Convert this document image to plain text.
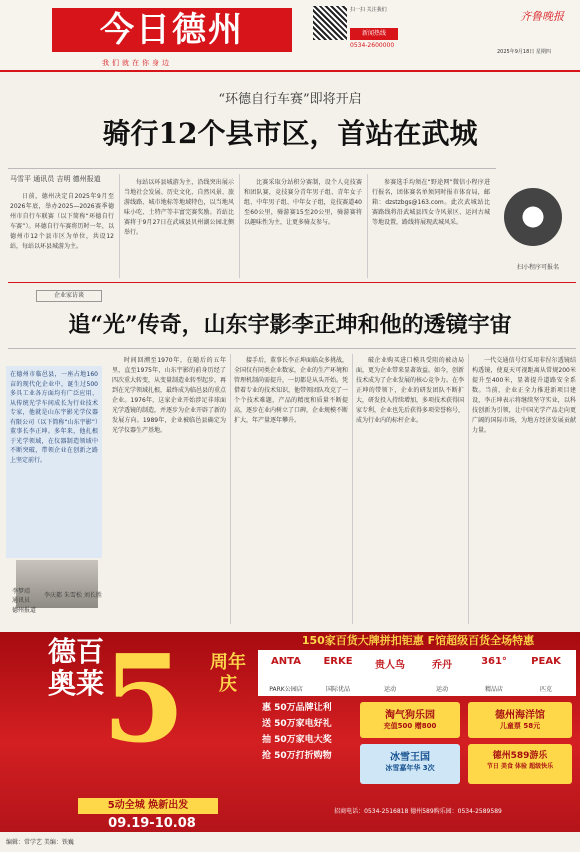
今日德州
我们就在你身边
扫一扫 关注我们
新闻热线
0534-2600000
齐鲁晚报
2025年9月18日 星期四
“环德自行车赛”即将开启
骑行12个县市区，首站在武城
马雪平 通讯员 吉明 德州报道
日前，德州决定自2025年9月至2026年底，举办2025—2026赛季德州市自行车联赛（以下简称“环德自行车赛”）。环德自行车赛将历时一年，以德州市12个县市区为单位，共设12站，每站以环县城游为主。
每站以环县城游为主，沿线突出展示当地社会发展、历史文化、自然风景、旅游线路、城市地标等地域特色，以当地风味小吃、土特产等丰富完赛奖励。首站比赛将于9月27日在武城县贝州湖公园北侧举行。
比赛采取分站积分赛制，设个人竞技赛和团队赛，竞技赛分青年男子组、青年女子组、中年男子组、中年女子组，竞技赛道40至60公里，骑游赛15至20公里，骑游赛将以趣味性为主，让更多骑友参与。
参赛选手均须在“野途网”微信小程序进行报名，团体赛名单须同时报市体育局，邮箱：dzstzbgs@163.com。此次武城站比赛路线将沿武城县四女寺风景区、运河古城等地设置，路线将展现武城风采。
扫小程序可报名
企业家访谈
追“光”传奇，山东宇影李正坤和他的透镜宇宙
在德州市临邑县，一座占地160亩的现代化企业中，诞生过500多具工业各方面均有广泛应用、从传统光学车间成长为行业技术专家，他就是山东宇影光学仪器有限公司（以下简称“山东宇影”）董事长李正坤。多年来，他扎根于光学领域，在仪器制造领域中不断突破，带领企业在创新之路上坚定前行。
李梦靖
通讯员
李庆都 朱雪松 刘长胜
德州报道
时间回溯至1970年，在随后的五年里，直至1975年，山东宇影的前身历经了四次重大转变，从变量制造业转型起步，再到在光学领域扎根，最终成为临邑县的重点企业。1976年，这家企业开始涉足非球面光学透镜的制造，并逐步为企业开辟了新的发展方向。1989年，企业被临邑县确定为光学仪器生产基地。
接手后，董事长李正坤面临众多挑战，全国仅有同类企业数家，企业的生产环境和管理机制尚需提升，一切都是从头开始。凭借着专业的技术知识，他带领团队攻克了一个个技术难题，产品的精度和质量不断提高，逐步在业内树立了口碑，企业规模不断扩大，年产量逐年攀升。
破企业购买进口模具受阻的被动局面，更为企业带来显著效益。如今，创新技术成为了企业发展的核心竞争力。在李正坤的带领下，企业的研发团队不断扩大，研发投入持续增加，多项技术获得国家专利，企业也先后获得多项荣誉称号，成为行业内的标杆企业。
一代交通信号灯采用非涅尔透镜结构透镜，使夏天可视距离从常规200米提升至400米，显著提升道路安全系数。当前，企业正全力推进新项目建设，李正坤表示将继续坚守实业，以科技创新为引领，让中国光学产品走向更广阔的国际市场，为地方经济发展贡献力量。
德百奥莱
5 周年庆
5动全城 焕新出发
09.19-10.08
150家百货大牌拼扣钜惠 F馆超级百货全场特惠
ANTA
PARK公园店
ERKE
国际优品
贵人鸟
运动
乔丹
运动
361°
精品店
PEAK
匹克
惠 50万品牌让利
送 50万家电好礼
抽 50万家电大奖
抢 50万打折购物
淘气狗乐园
充值500 赠800
德州海洋馆
儿童票 58元
冰雪王国
冰雪嘉年华 3次
德州589游乐
节日 美食 体验 超级快乐
招商电话：0534-2516818 德州589购乐园：0534-2589589
编辑：常学艺 美编：铁巍
